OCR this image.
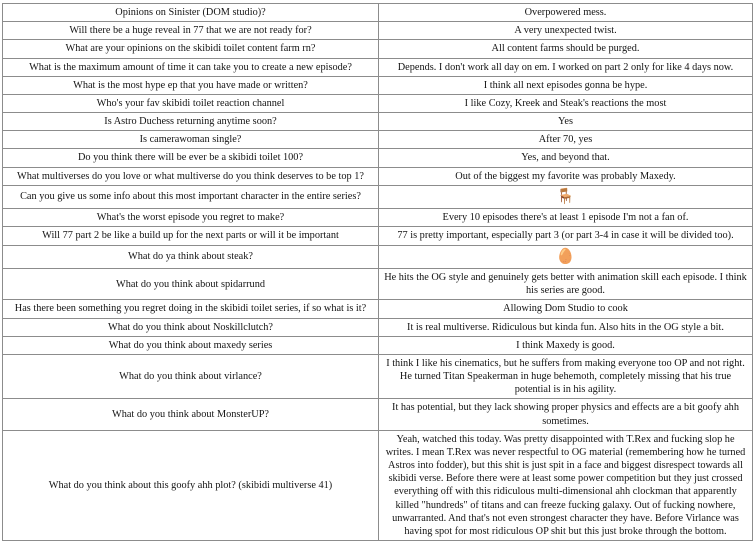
Opinions on Sinister (DOM studio)?	Overpowered mess.
Will there be a huge reveal in 77 that we are not ready for?	A very unexpected twist.
What are your opinions on the skibidi toilet content farm rn?	All content farms should be purged.
What is the maximum amount of time it can take you to create a new episode?	Depends. I don't work all day on em. I worked on part 2 only for like 4 days now.
What is the most hype ep that you have made or written?	I think all next episodes gonna be hype.
Who's your fav skibidi toilet reaction channel	I like Cozy, Kreek and Steak's reactions the most
Is Astro Duchess returning anytime soon?	Yes
Is camerawoman single?	After 70, yes
Do you think there will be ever be a skibidi toilet 100?	Yes, and beyond that.
What multiverses do you love or what multiverse do you think deserves to be top 1?	Out of the biggest my favorite was probably Maxedy.
Can you give us some info about this most important character in the entire series?	🪑
What's the worst episode you regret to make?	Every 10 episodes there's at least 1 episode I'm not a fan of.
Will 77 part 2 be like a build up for the next parts or will it be important	77 is pretty important, especially part 3 (or part 3-4 in case it will be divided too).
What do ya think about steak?	🥚
What do you think about spidarrund	He hits the OG style and genuinely gets better with animation skill each episode. I think his series are good.
Has there been something you regret doing in the skibidi toilet series, if so what is it?	Allowing Dom Studio to cook
What do you think about Noskillclutch?	It is real multiverse. Ridiculous but kinda fun. Also hits in the OG style a bit.
What do you think about maxedy series	I think Maxedy is good.
What do you think about virlance?	I think I like his cinematics, but he suffers from making everyone too OP and not right. He turned Titan Speakerman in huge behemoth, completely missing that his true potential is in his agility.
What do you think about MonsterUP?	It has potential, but they lack showing proper physics and effects are a bit goofy ahh sometimes.
What do you think about this goofy ahh plot? (skibidi multiverse 41)	Yeah, watched this today. Was pretty disappointed with T.Rex and fucking slop he writes. I mean T.Rex was never respectful to OG material (remembering how he turned Astros into fodder), but this shit is just spit in a face and biggest disrespect towards all skibidi verse. Before there were at least some power competition but they just crossed everything off with this ridiculous multi-dimensional ahh clockman that apparently killed "hundreds" of titans and can freeze fucking galaxy. Out of fucking nowhere, unwarranted. And that's not even strongest character they have. Before Virlance was having spot for most ridiculous OP shit but this just broke through the bottom.
